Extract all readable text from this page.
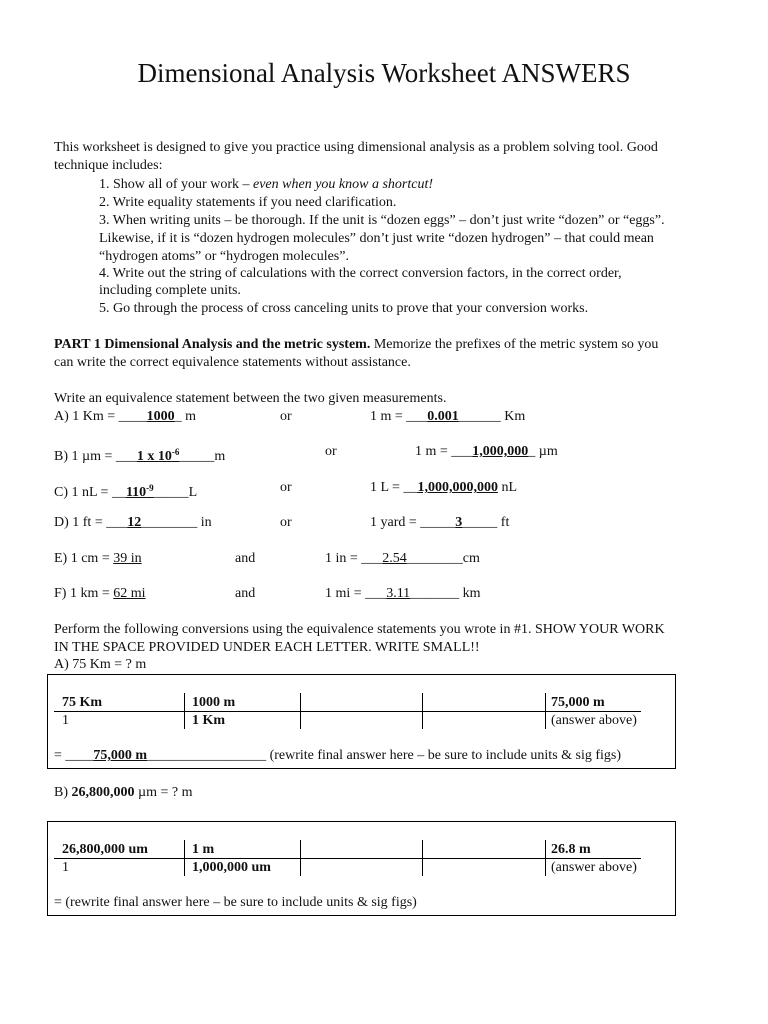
Dimensional Analysis Worksheet ANSWERS
This worksheet is designed to give you practice using dimensional analysis as a problem solving tool. Good
technique includes:
1. Show all of your work – even when you know a shortcut!
2. Write equality statements if you need clarification.
3. When writing units – be thorough. If the unit is “dozen eggs” – don’t just write “dozen” or “eggs”.
Likewise, if it is “dozen hydrogen molecules” don’t just write “dozen hydrogen” – that could mean
“hydrogen atoms” or “hydrogen molecules”.
4. Write out the string of calculations with the correct conversion factors, in the correct order,
including complete units.
5. Go through the process of cross canceling units to prove that your conversion works.
PART 1 Dimensional Analysis and the metric system. Memorize the prefixes of the metric system so you
can write the correct equivalence statements without assistance.
Write an equivalence statement between the two given measurements.
A) 1 Km = ____1000_ m	or	1 m = ___0.001______ Km
B) 1 µm = ___1 x $10^{-6}\_\_\_\_\_m$	or	1 m = ___1,000,000_ µm
C) 1 nL = $\_\_110^{-9}\_\_\_\_\_L$	or	1 L = __1,000,000,000 nL
D) 1 ft = ___12________ in	or	1 yard = _____3_____ ft
E) 1 cm = 39 in	and	1 in = ___2.54________cm
F) 1 km = 62 mi	and	1 mi = ___3.11_______ km
Perform the following conversions using the equivalence statements you wrote in #1. SHOW YOUR WORK
IN THE SPACE PROVIDED UNDER EACH LETTER. WRITE SMALL!!
A) 75 Km = ? m
75 Km	1000 m	75,000 m
1	1 Km	(answer above)
= ____75,000 m_________________ (rewrite final answer here – be sure to include units & sig figs)
B) 26,800,000 µm = ? m
26,800,000 um	1 m	26.8 m
1	1,000,000 um	(answer above)
= (rewrite final answer here – be sure to include units & sig figs)
